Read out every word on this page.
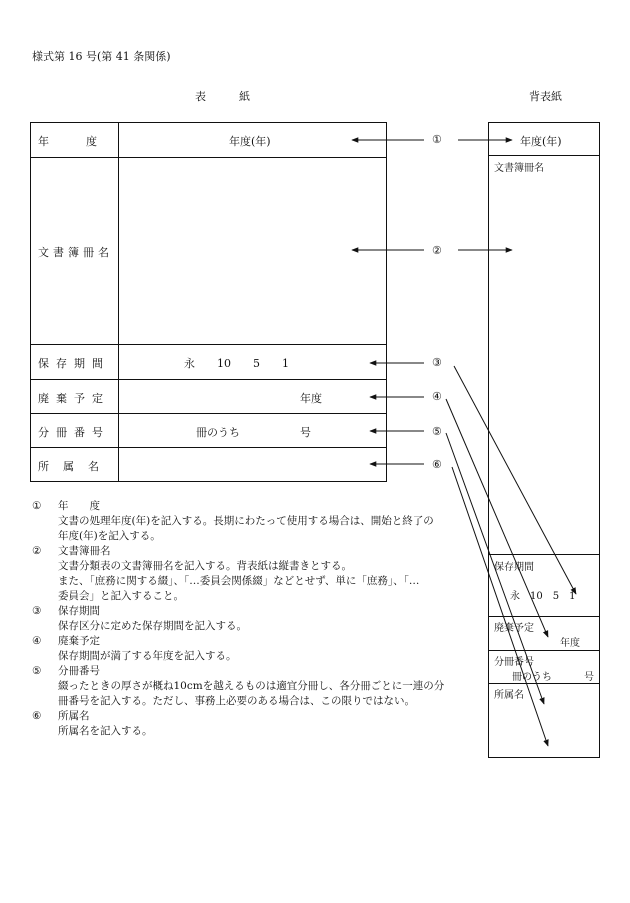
様式第 16 号(第 41 条関係)
表　　　紙	背表紙
年　　　度	年度(年)
文書簿冊名
保存期間	永　　10　　5　　1
廃棄予定	年度
分冊番号	冊のうち	号
所属名
①
②
③
④
⑤
⑥
年度(年)
文書簿冊名
保存期間
永　10　5　1
廃棄予定
年度
分冊番号
冊のうち	号
所属名
① 年　　度
文書の処理年度(年)を記入する。長期にわたって使用する場合は、開始と終了の
年度(年)を記入する。
② 文書簿冊名
文書分類表の文書簿冊名を記入する。背表紙は縦書きとする。
また、「庶務に関する綴」、「…委員会関係綴」などとせず、単に「庶務」、「…
委員会」と記入すること。
③ 保存期間
保存区分に定めた保存期間を記入する。
④ 廃棄予定
保存期間が満了する年度を記入する。
⑤ 分冊番号
綴ったときの厚さが概ね10cmを越えるものは適宜分冊し、各分冊ごとに一連の分
冊番号を記入する。ただし、事務上必要のある場合は、この限りではない。
⑥ 所属名
所属名を記入する。
